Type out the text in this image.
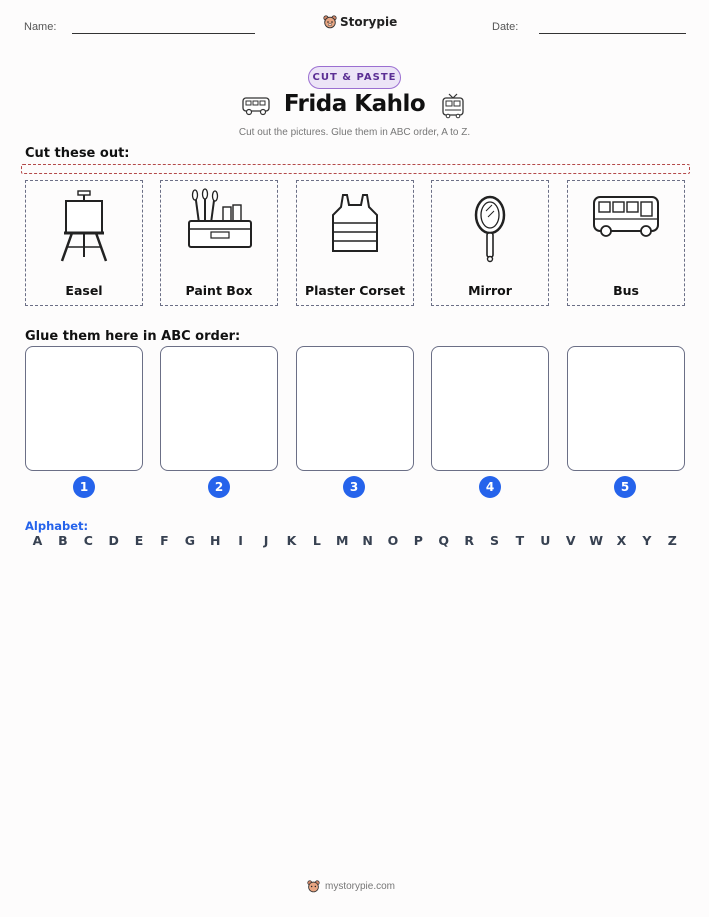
Name:	Storypie	Date:
CUT & PASTE
Frida Kahlo
Cut out the pictures. Glue them in ABC order, A to Z.
Cut these out:
Easel	Paint Box	Plaster Corset	Mirror	Bus
Glue them here in ABC order:
1	2	3	4	5
Alphabet:
A	B	C	D	E	F	G	H	I	J	K	L	M	N	O	P	Q	R	S	T	U	V	W	X	Y	Z
mystorypie.com
